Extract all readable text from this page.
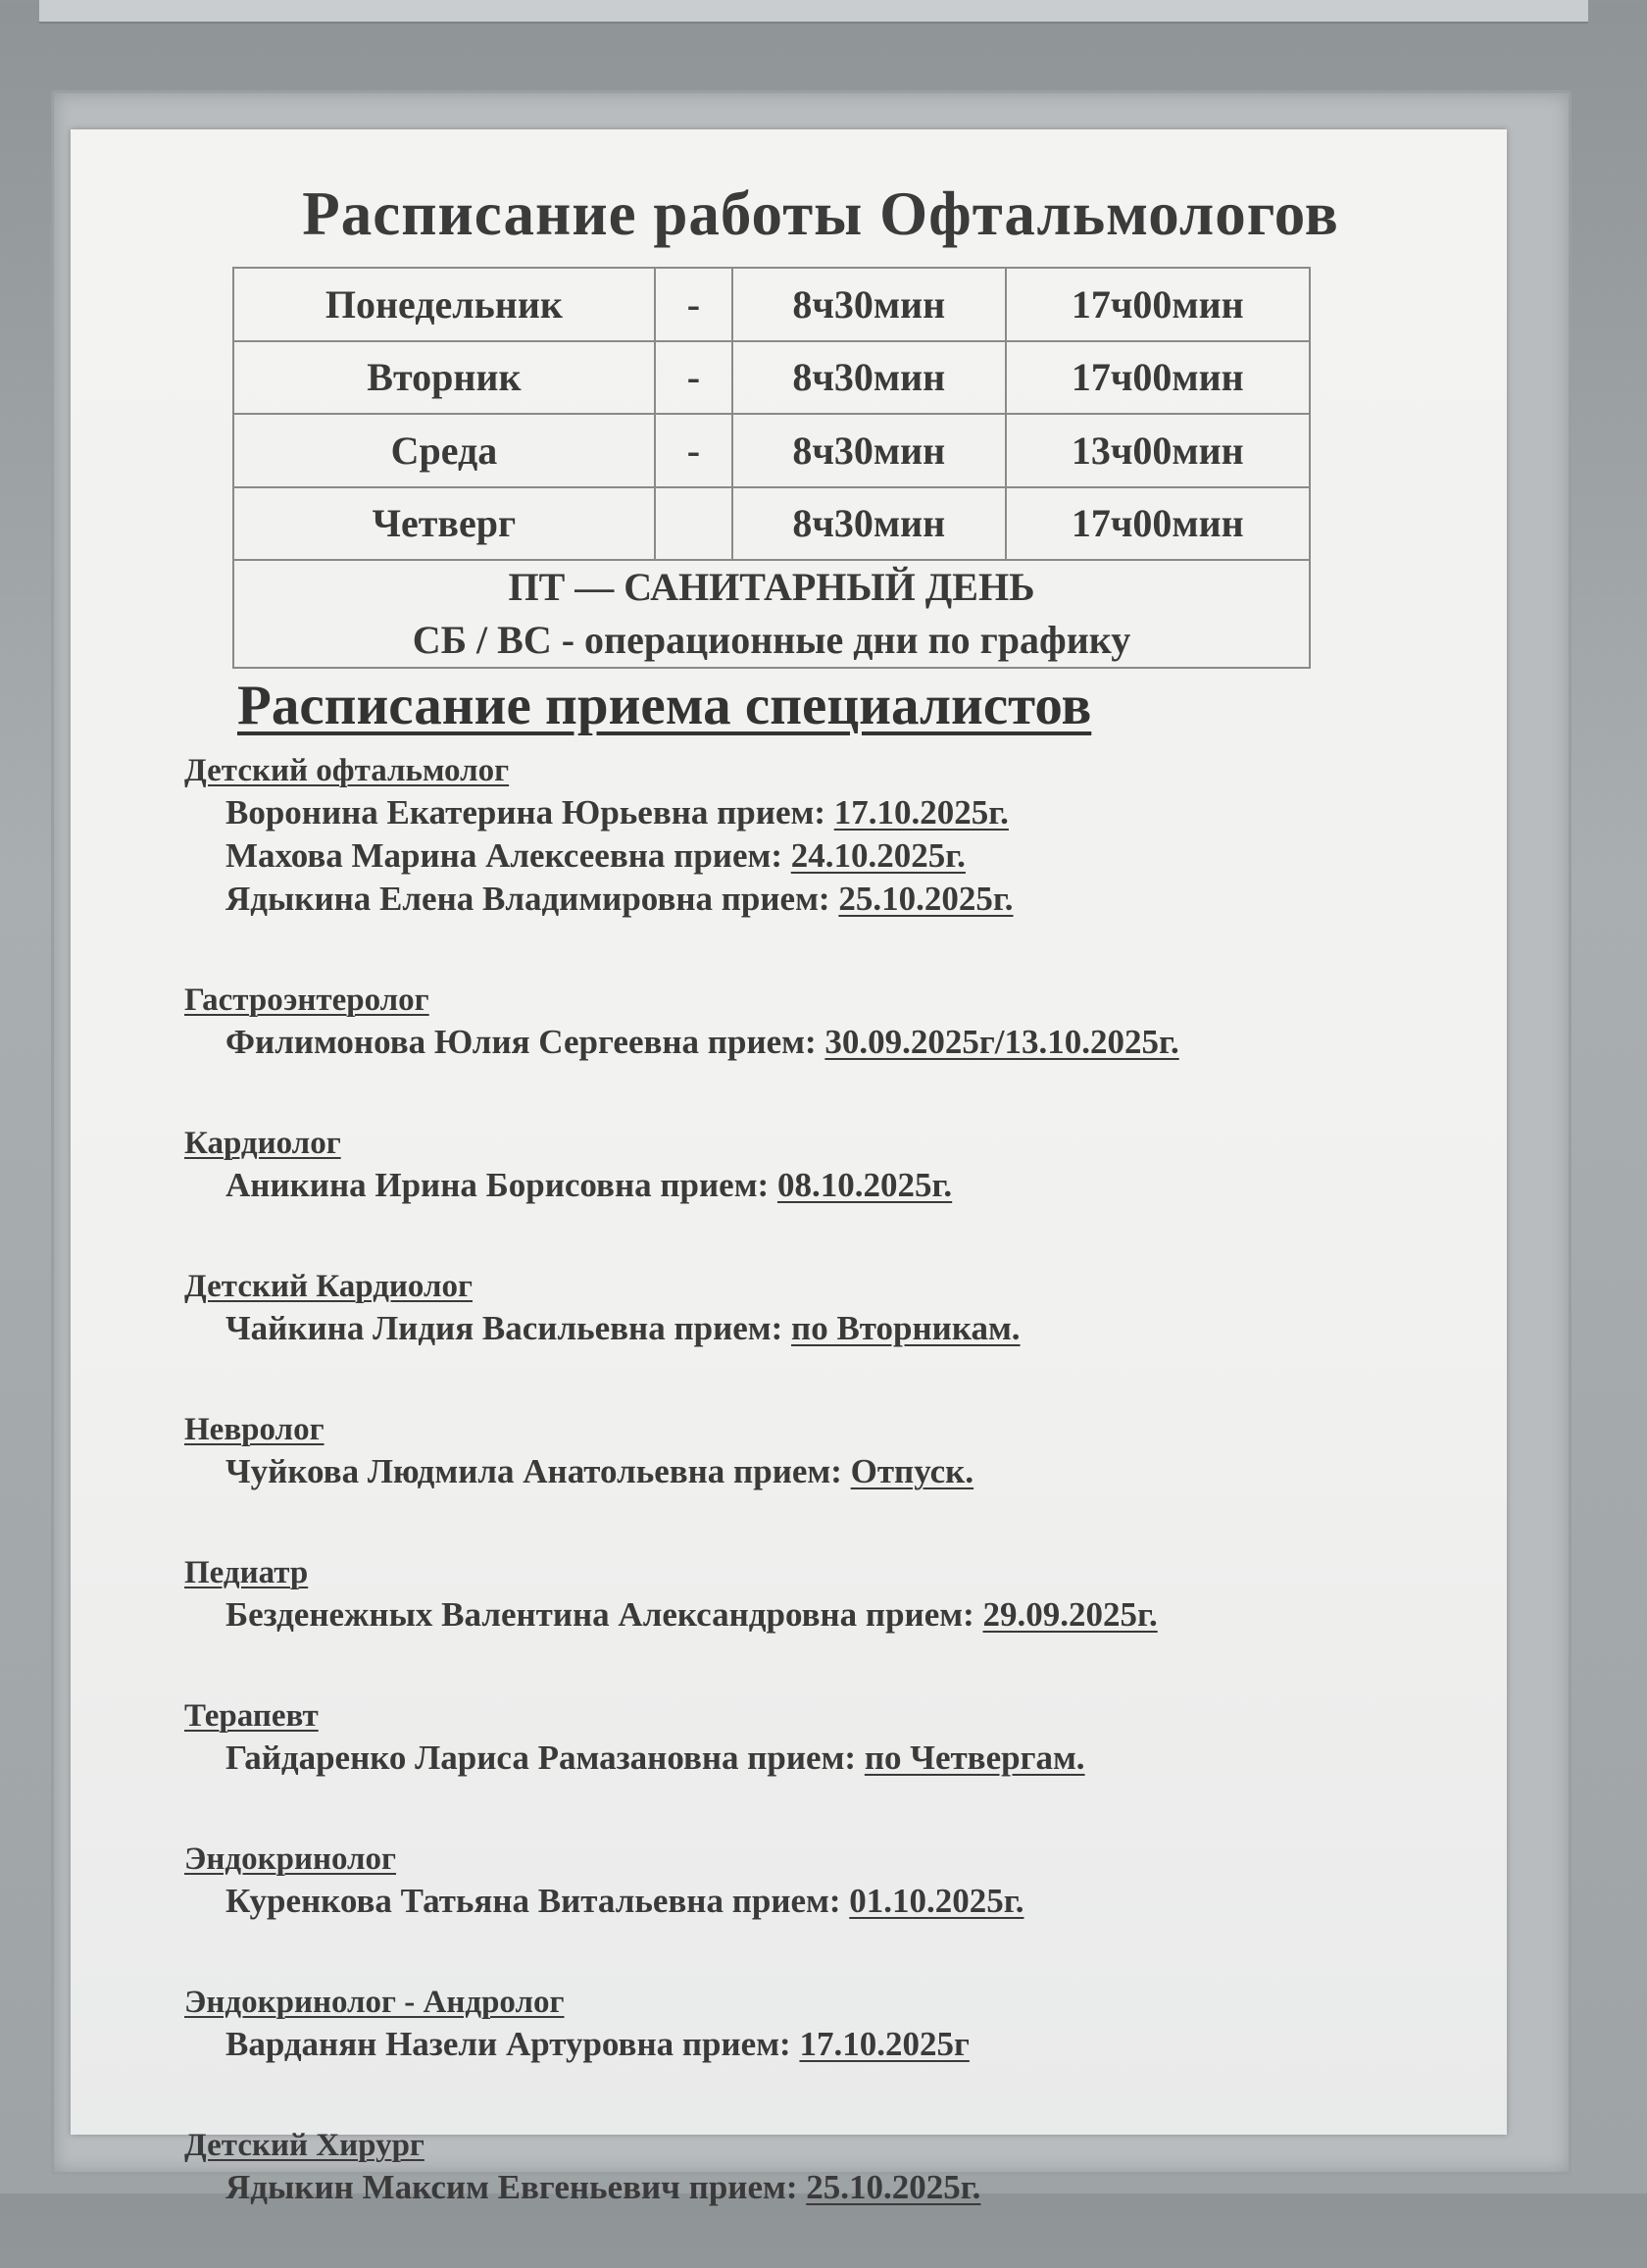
Расписание работы Офтальмологов
Понедельник	-	8ч30мин	17ч00мин
Вторник	-	8ч30мин	17ч00мин
Среда	-	8ч30мин	13ч00мин
Четверг		8ч30мин	17ч00мин

ПТ — САНИТАРНЫЙ ДЕНЬ
СБ / ВС - операционные дни по графику			
Расписание приема специалистов
Детский офтальмолог
Воронина Екатерина Юрьевна прием: 17.10.2025г.
Махова Марина Алексеевна прием: 24.10.2025г.
Ядыкина Елена Владимировна прием: 25.10.2025г.
Гастроэнтеролог
Филимонова Юлия Сергеевна прием: 30.09.2025г/13.10.2025г.
Кардиолог
Аникина Ирина Борисовна прием: 08.10.2025г.
Детский Кардиолог
Чайкина Лидия Васильевна прием: по Вторникам.
Невролог
Чуйкова Людмила Анатольевна прием: Отпуск.
Педиатр
Безденежных Валентина Александровна прием: 29.09.2025г.
Терапевт
Гайдаренко Лариса Рамазановна прием: по Четвергам.
Эндокринолог
Куренкова Татьяна Витальевна прием: 01.10.2025г.
Эндокринолог - Андролог
Варданян Назели Артуровна прием: 17.10.2025г
Детский Хирург
Ядыкин Максим Евгеньевич прием: 25.10.2025г.
